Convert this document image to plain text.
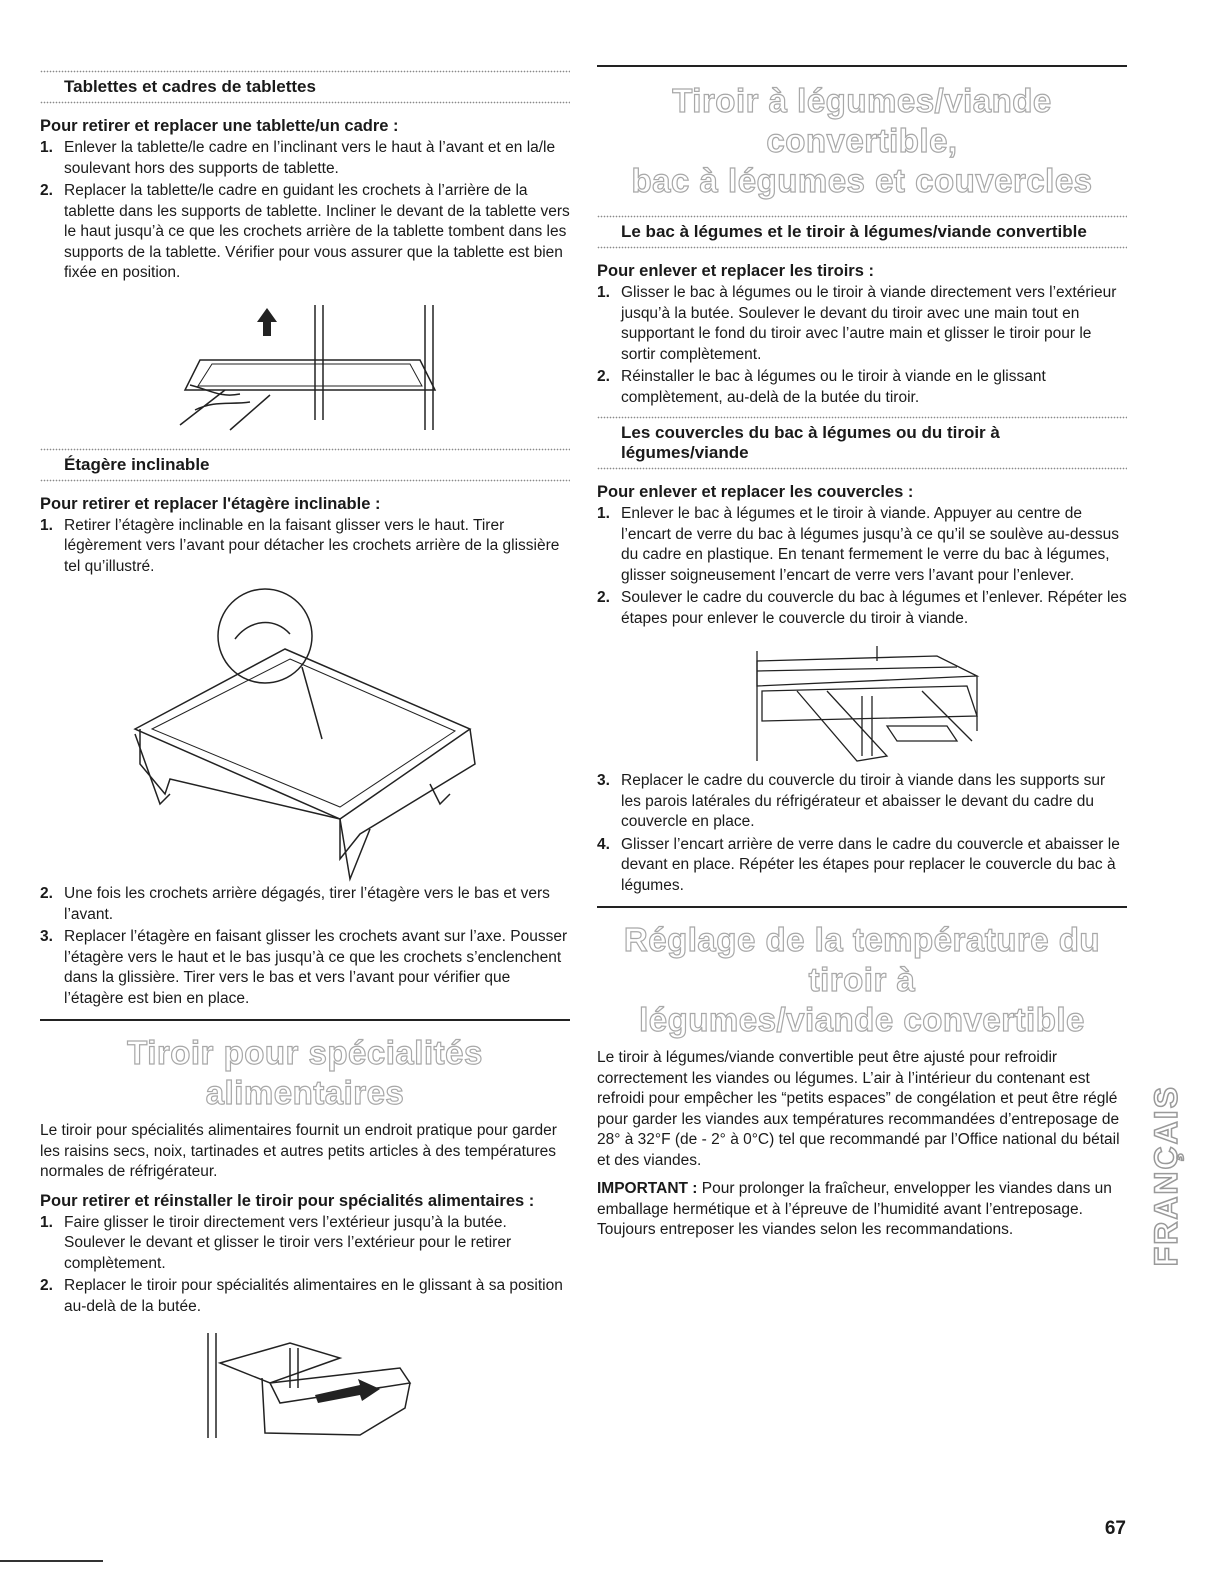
Tablettes et cadres de tablettes
Pour retirer et replacer une tablette/un cadre :
1. Enlever la tablette/le cadre en l’inclinant vers le haut à l’avant et en la/le soulevant hors des supports de tablette.
2. Replacer la tablette/le cadre en guidant les crochets à l’arrière de la tablette dans les supports de tablette. Incliner le devant de la tablette vers le haut jusqu’à ce que les crochets arrière de la tablette tombent dans les supports de la tablette. Vérifier pour vous assurer que la tablette est bien fixée en position.
Étagère inclinable
Pour retirer et replacer l'étagère inclinable :
1. Retirer l’étagère inclinable en la faisant glisser vers le haut. Tirer légèrement vers l’avant pour détacher les crochets arrière de la glissière tel qu’illustré.
2. Une fois les crochets arrière dégagés, tirer l’étagère vers le bas et vers l’avant.
3. Replacer l’étagère en faisant glisser les crochets avant sur l’axe. Pousser l’étagère vers le haut et le bas jusqu’à ce que les crochets s’enclenchent dans la glissière. Tirer vers le bas et vers l’avant pour vérifier que l’étagère est bien en place.
Tiroir pour spécialités alimentaires

Le tiroir pour spécialités alimentaires fournit un endroit pratique pour garder les raisins secs, noix, tartinades et autres petits articles à des températures normales de réfrigérateur.

Pour retirer et réinstaller le tiroir pour spécialités alimentaires :
1. Faire glisser le tiroir directement vers l’extérieur jusqu’à la butée. Soulever le devant et glisser le tiroir vers l’extérieur pour le retirer complètement.
2. Replacer le tiroir pour spécialités alimentaires en le glissant à sa position au-delà de la butée.
Tiroir à légumes/viande convertible,
bac à légumes et couvercles
Le bac à légumes et le tiroir à légumes/viande convertible
Pour enlever et replacer les tiroirs :
1. Glisser le bac à légumes ou le tiroir à viande directement vers l’extérieur jusqu’à la butée. Soulever le devant du tiroir avec une main tout en supportant le fond du tiroir avec l’autre main et glisser le tiroir pour le sortir complètement.
2. Réinstaller le bac à légumes ou le tiroir à viande en le glissant complètement, au-delà de la butée du tiroir.
Les couvercles du bac à légumes ou du tiroir à légumes/viande
Pour enlever et replacer les couvercles :
1. Enlever le bac à légumes et le tiroir à viande. Appuyer au centre de l’encart de verre du bac à légumes jusqu’à ce qu’il se soulève au-dessus du cadre en plastique. En tenant fermement le verre du bac à légumes, glisser soigneusement l’encart de verre vers l’avant pour l’enlever.
2. Soulever le cadre du couvercle du bac à légumes et l’enlever. Répéter les étapes pour enlever le couvercle du tiroir à viande.
3. Replacer le cadre du couvercle du tiroir à viande dans les supports sur les parois latérales du réfrigérateur et abaisser le devant du cadre du couvercle en place.
4. Glisser l’encart arrière de verre dans le cadre du couvercle et abaisser le devant en place. Répéter les étapes pour replacer le couvercle du bac à légumes.
Réglage de la température du tiroir à
légumes/viande convertible

Le tiroir à légumes/viande convertible peut être ajusté pour refroidir correctement les viandes ou légumes. L’air à l’intérieur du contenant est refroidi pour empêcher les “petits espaces” de congélation et peut être réglé pour garder les viandes aux températures recommandées d’entreposage de 28° à 32°F (de - 2° à 0°C) tel que recommandé par l’Office national du bétail et des viandes.

IMPORTANT : Pour prolonger la fraîcheur, envelopper les viandes dans un emballage hermétique et à l’épreuve de l’humidité avant l’entreposage. Toujours entreposer les viandes selon les recommandations.	FRANÇAIS
67
